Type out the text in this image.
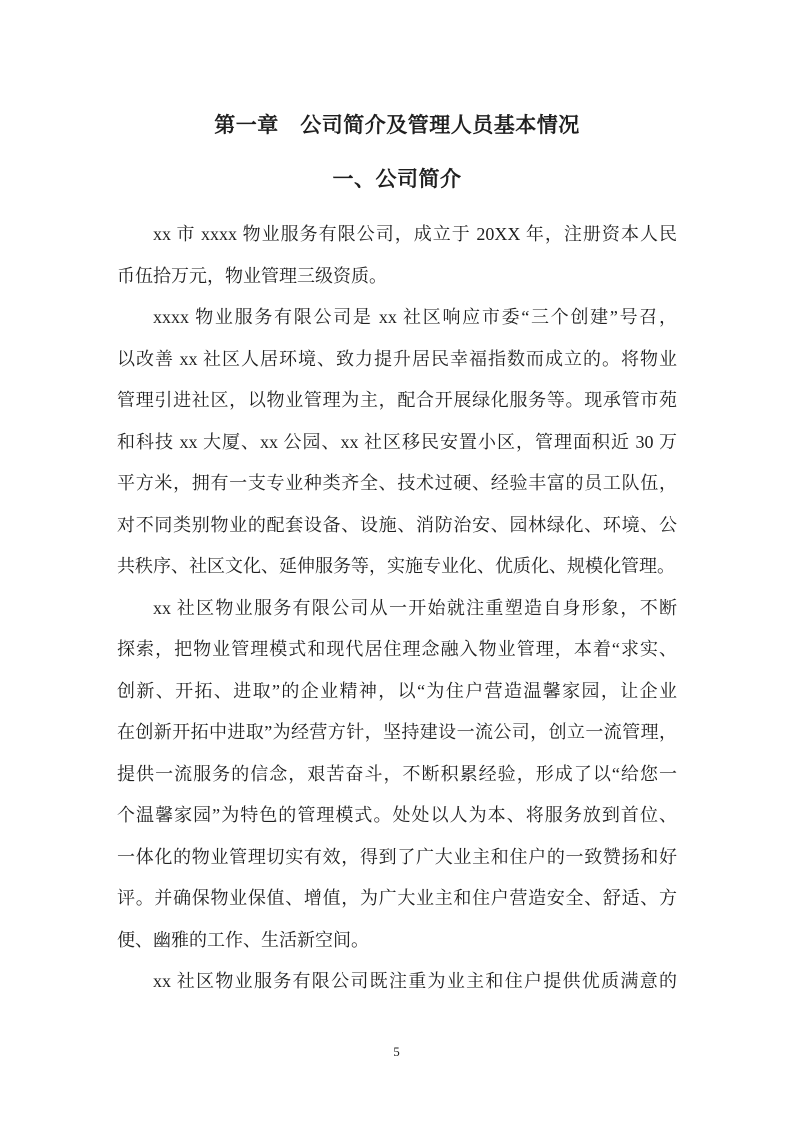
第一章　公司简介及管理人员基本情况
一、公司简介
xx 市 xxxx 物业服务有限公司，成立于 20XX 年，注册资本人民
币伍拾万元，物业管理三级资质。
xxxx 物业服务有限公司是 xx 社区响应市委“三个创建”号召，
以改善 xx 社区人居环境、致力提升居民幸福指数而成立的。将物业
管理引进社区，以物业管理为主，配合开展绿化服务等。现承管市苑
和科技 xx 大厦、xx 公园、xx 社区移民安置小区，管理面积近 30 万
平方米，拥有一支专业种类齐全、技术过硬、经验丰富的员工队伍，
对不同类别物业的配套设备、设施、消防治安、园林绿化、环境、公
共秩序、社区文化、延伸服务等，实施专业化、优质化、规模化管理。
xx 社区物业服务有限公司从一开始就注重塑造自身形象，不断
探索，把物业管理模式和现代居住理念融入物业管理，本着“求实、
创新、开拓、进取”的企业精神，以“为住户营造温馨家园，让企业
在创新开拓中进取”为经营方针，坚持建设一流公司，创立一流管理，
提供一流服务的信念，艰苦奋斗，不断积累经验，形成了以“给您一
个温馨家园”为特色的管理模式。处处以人为本、将服务放到首位、
一体化的物业管理切实有效，得到了广大业主和住户的一致赞扬和好
评。并确保物业保值、增值，为广大业主和住户营造安全、舒适、方
便、幽雅的工作、生活新空间。
xx 社区物业服务有限公司既注重为业主和住户提供优质满意的
5
